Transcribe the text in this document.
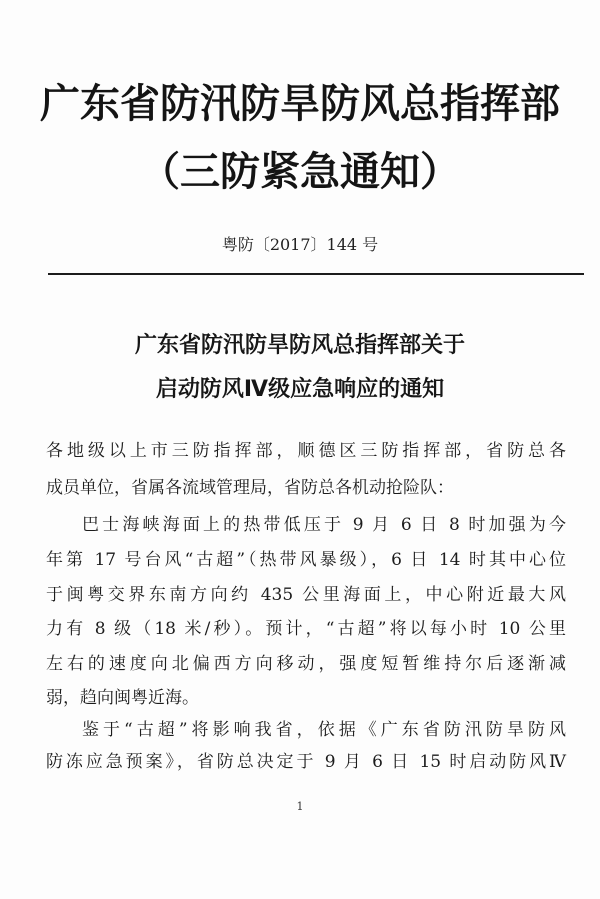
广东省防汛防旱防风总指挥部
（三防紧急通知）
粤防〔2017〕144 号
广东省防汛防旱防风总指挥部关于
启动防风Ⅳ级应急响应的通知
各地级以上市三防指挥部，顺德区三防指挥部，省防总各
成员单位，省属各流域管理局，省防总各机动抢险队：
巴士海峡海面上的热带低压于 9 月 6 日 8 时加强为今
年第 17 号台风“古超”（热带风暴级），6 日 14 时其中心位
于闽粤交界东南方向约 435 公里海面上，中心附近最大风
力有 8 级（18 米/秒）。预计，“古超”将以每小时 10 公里
左右的速度向北偏西方向移动，强度短暂维持尔后逐渐减
弱，趋向闽粤近海。
鉴于“古超”将影响我省，依据《广东省防汛防旱防风
防冻应急预案》，省防总决定于 9 月 6 日 15 时启动防风Ⅳ
1
